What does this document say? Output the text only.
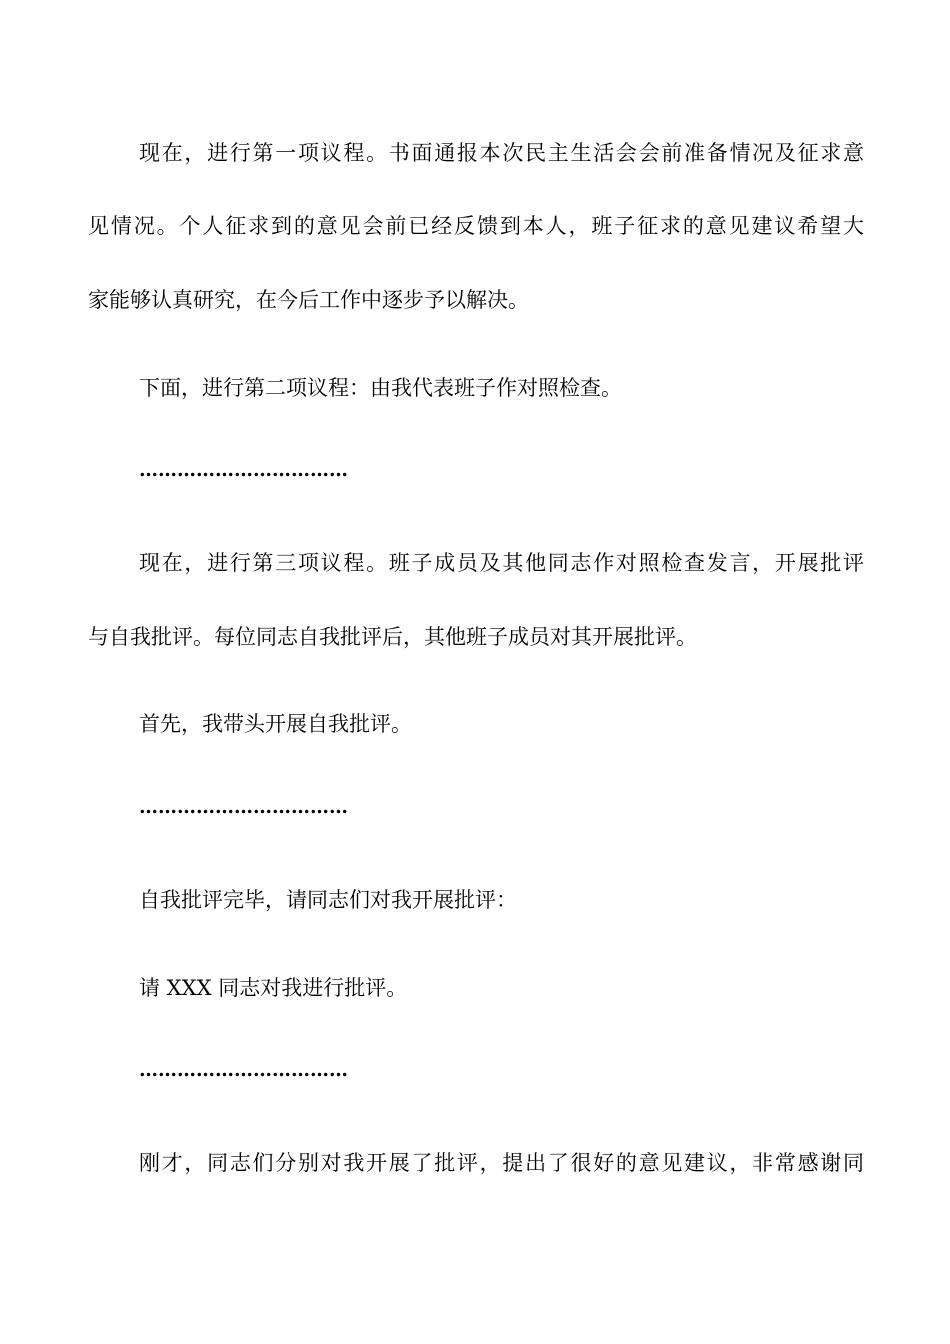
现在，进行第一项议程。书面通报本次民主生活会会前准备情况及征求意
见情况。个人征求到的意见会前已经反馈到本人，班子征求的意见建议希望大
家能够认真研究，在今后工作中逐步予以解决。
下面，进行第二项议程：由我代表班子作对照检查。
……………………………
现在，进行第三项议程。班子成员及其他同志作对照检查发言，开展批评
与自我批评。每位同志自我批评后，其他班子成员对其开展批评。
首先，我带头开展自我批评。
……………………………
自我批评完毕，请同志们对我开展批评：
请 XXX 同志对我进行批评。
……………………………
刚才，同志们分别对我开展了批评，提出了很好的意见建议，非常感谢同
